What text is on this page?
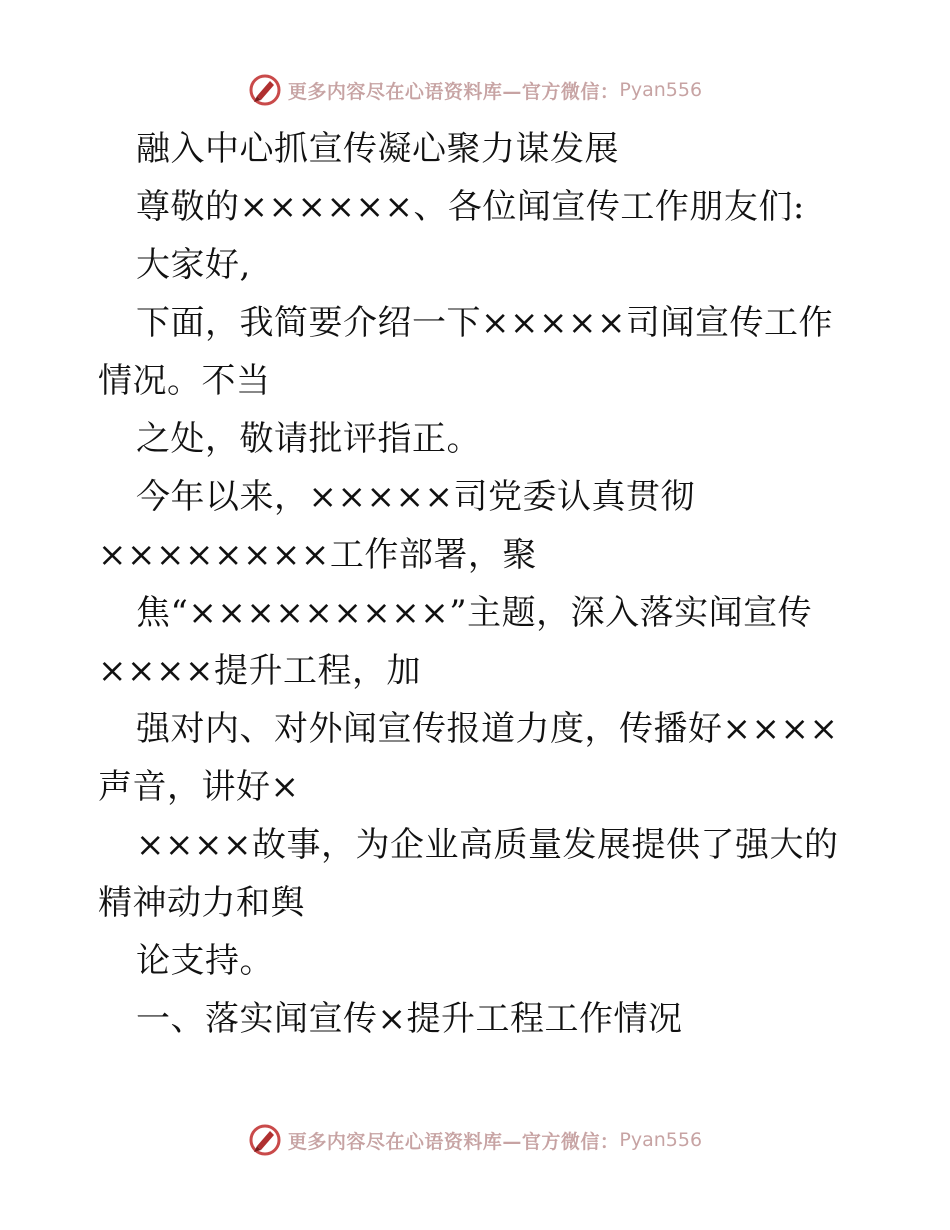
更多内容尽在心语资料库—官方微信： Pyan556
融入中心抓宣传凝心聚力谋发展
尊敬的××××××、各位闻宣传工作朋友们:
大家好,
下面，我简要介绍一下×××××司闻宣传工作
情况。不当
之处，敬请批评指正。
今年以来，×××××司党委认真贯彻
××××××××工作部署，聚
焦“×××××××××”主题，深入落实闻宣传
××××提升工程，加
强对内、对外闻宣传报道力度，传播好××××
声音，讲好×
××××故事，为企业高质量发展提供了强大的
精神动力和舆
论支持。
一、落实闻宣传×提升工程工作情况
更多内容尽在心语资料库—官方微信： Pyan556
